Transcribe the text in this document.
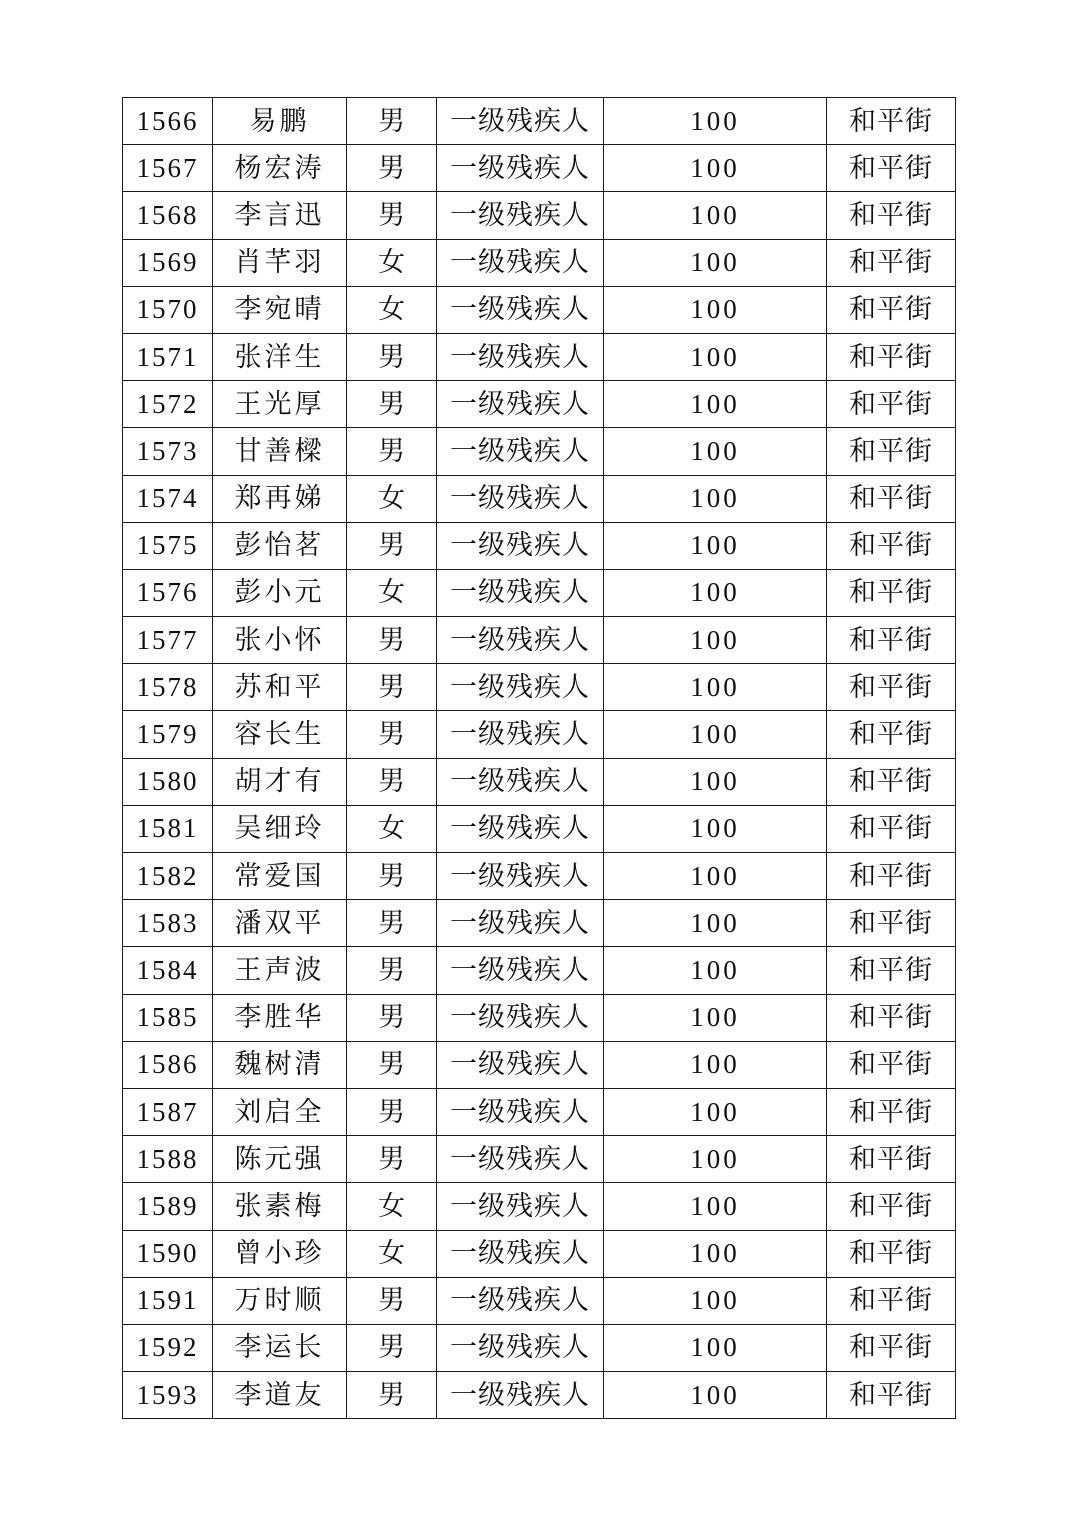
1566	易鹏	男	一级残疾人	100	和平街
1567	杨宏涛	男	一级残疾人	100	和平街
1568	李言迅	男	一级残疾人	100	和平街
1569	肖芊羽	女	一级残疾人	100	和平街
1570	李宛晴	女	一级残疾人	100	和平街
1571	张洋生	男	一级残疾人	100	和平街
1572	王光厚	男	一级残疾人	100	和平街
1573	甘善樑	男	一级残疾人	100	和平街
1574	郑再娣	女	一级残疾人	100	和平街
1575	彭怡茗	男	一级残疾人	100	和平街
1576	彭小元	女	一级残疾人	100	和平街
1577	张小怀	男	一级残疾人	100	和平街
1578	苏和平	男	一级残疾人	100	和平街
1579	容长生	男	一级残疾人	100	和平街
1580	胡才有	男	一级残疾人	100	和平街
1581	吴细玲	女	一级残疾人	100	和平街
1582	常爱国	男	一级残疾人	100	和平街
1583	潘双平	男	一级残疾人	100	和平街
1584	王声波	男	一级残疾人	100	和平街
1585	李胜华	男	一级残疾人	100	和平街
1586	魏树清	男	一级残疾人	100	和平街
1587	刘启全	男	一级残疾人	100	和平街
1588	陈元强	男	一级残疾人	100	和平街
1589	张素梅	女	一级残疾人	100	和平街
1590	曾小珍	女	一级残疾人	100	和平街
1591	万时顺	男	一级残疾人	100	和平街
1592	李运长	男	一级残疾人	100	和平街
1593	李道友	男	一级残疾人	100	和平街
